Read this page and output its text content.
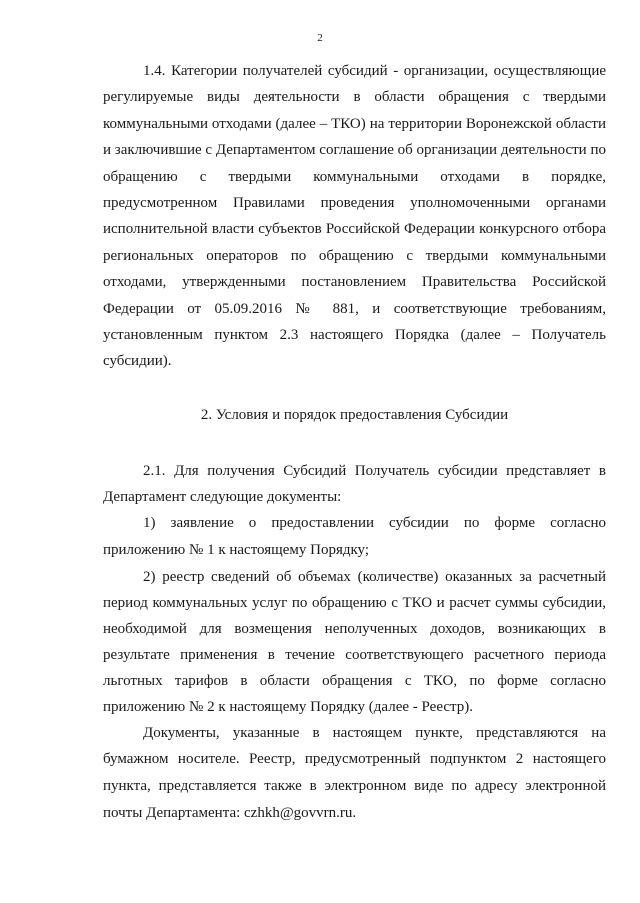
2

1.4. Категории получателей субсидий - организации, осуществляющие регулируемые виды деятельности в области обращения с твердыми коммунальными отходами (далее – ТКО) на территории Воронежской области и заключившие с Департаментом соглашение об организации деятельности по обращению с твердыми коммунальными отходами в порядке, предусмотренном Правилами проведения уполномоченными органами исполнительной власти субъектов Российской Федерации конкурсного отбора региональных операторов по обращению с твердыми коммунальными отходами, утвержденными постановлением Правительства Российской Федерации от 05.09.2016 № 881, и соответствующие требованиям, установленным пунктом 2.3 настоящего Порядка (далее – Получатель субсидии).

2. Условия и порядок предоставления Субсидии

2.1. Для получения Субсидий Получатель субсидии представляет в Департамент следующие документы:

1) заявление о предоставлении субсидии по форме согласно приложению № 1 к настоящему Порядку;

2) реестр сведений об объемах (количестве) оказанных за расчетный период коммунальных услуг по обращению с ТКО и расчет суммы субсидии, необходимой для возмещения неполученных доходов, возникающих в результате применения в течение соответствующего расчетного периода льготных тарифов в области обращения с ТКО, по форме согласно приложению № 2 к настоящему Порядку (далее - Реестр).

Документы, указанные в настоящем пункте, представляются на бумажном носителе. Реестр, предусмотренный подпунктом 2 настоящего пункта, представляется также в электронном виде по адресу электронной почты Департамента: czhkh@govvrn.ru.
